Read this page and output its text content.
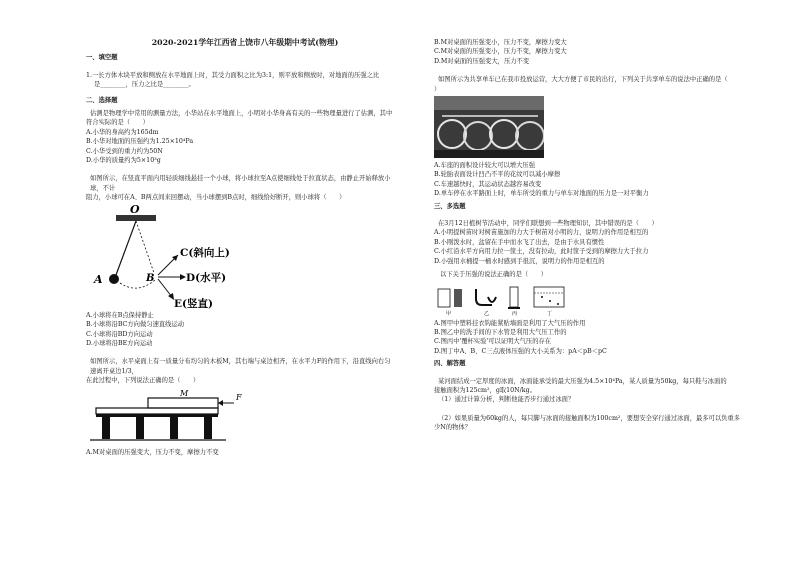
2020-2021学年江西省上饶市八年级期中考试(物理)
一、填空题

1.一长方体木块平放和侧放在水平地面上时，其受力面积之比为3:1，则平放和侧放时，对地面的压强之比

是________，压力之比是________。

二、选择题

估测是物理学中常用的测量方法，小华站在水平地面上，小明对小华身高有关的一些物理量进行了估测，其中

符合实际的是（　　）

A.小华的身高约为165dm

B.小华对地面的压强约为1.25×10⁴Pa

C.小华受到的重力约为50N

D.小华的质量约为5×10³g

如图所示，在竖直平面内用轻质细线悬挂一个小球，将小球拉至A点使细线处于拉直状态，由静止开始释放小球，不计

阻力，小球可在A、B两点间来回摆动，当小球摆到B点时，细线恰好断开，则小球将（　　）

O
A	B
C(斜向上)
D(水平)
E(竖直)

A.小球将在B点保持静止

B.小球将沿BC方向做匀速直线运动

C.小球将沿BD方向运动

D.小球将沿BE方向运动

如图所示，水平桌面上有一质量分布均匀的木板M，其右端与桌边相齐，在水平力F的作用下，沿直线向右匀速离开桌边1/3，

在此过程中，下列说法正确的是（　　）

M	F

A.M对桌面的压强变大，压力不变，摩擦力不变

B.M对桌面的压强变小，压力不变，摩擦力变大

C.M对桌面的压强变小，压力不变，摩擦力变大

D.M对桌面的压强变大，压力不变

如图所示为共享单车已在我市投放运营，大大方便了市民的出行，下列关于共享单车的说法中正确的是（

）

A.车座的面积设计较大可以增大压强

B.轮胎表面设计凹凸不平的花纹可以减小摩擦

C.车速越快时，其运动状态越容易改变

D.单车停在水平路面上时，单车所受的重力与单车对地面的压力是一对平衡力

三、多选题

在3月12日植树节活动中，同学们联想到一些物理知识，其中错误的是（　　）

A.小明提树苗时对树苗施加的力大于树苗对小明的力，说明力的作用是相互的

B.小刚泼水时，盆留在手中而水飞了出去，是由于水具有惯性

C.小红沿水平方向用力拉一筐土，没有拉动，此时筐子受到的摩擦力大于拉力

D.小强用水桶提一桶水时感到手很沉，说明力的作用是相互的

以下关于压强的说法正确的是（　　）

甲	乙	丙	丁

A.图甲中塑料挂衣钩能紧贴墙面是利用了大气压的作用

B.图乙中的洗手间的下水管是利用大气压工作的

C.图丙中'覆杯实验'可以证明大气压的存在

D.图丁中A、B、C三点液体压强的大小关系为：pA＜pB＜pC

四、解答题

某河面结成一定厚度的冰面，冰面能承受的最大压强为4.5×10⁴Pa，某人质量为50kg，每只鞋与冰面的

接触面积为125cm²，g取10N/kg。

（1）通过计算分析，判断他能否步行通过冰面？

（2）如果质量为60kg的人，每只脚与冰面的接触面积为100cm²，要想安全穿行通过冰面，最多可以负重多

少N的物体？
